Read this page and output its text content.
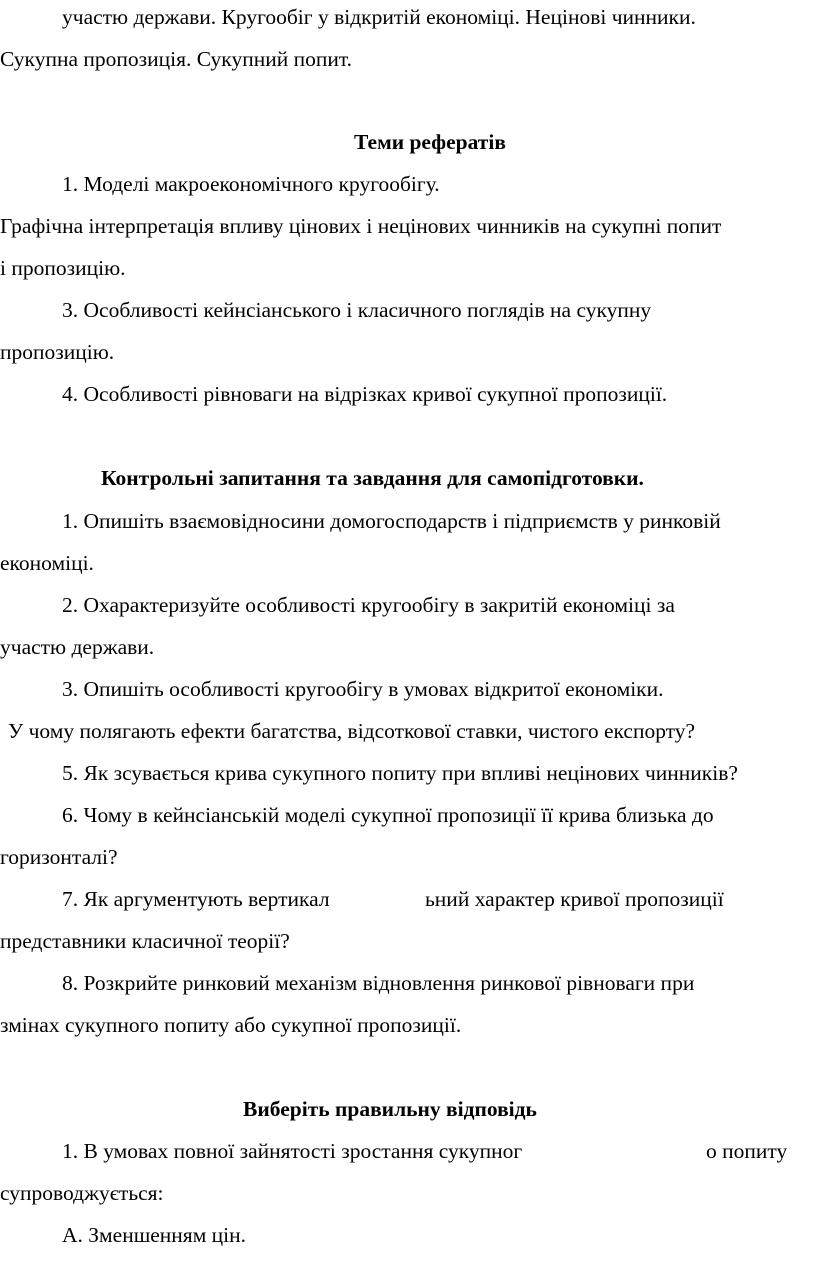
участю держави. Кругообіг у відкритій економіці. Нецінові чинники.
Сукупна пропозиція. Сукупний попит.
Теми рефератів
1. Моделі макроекономічного кругообігу.
Графічна інтерпретація впливу цінових і нецінових чинників на сукупні попит
і пропозицію.
3. Особливості кейнсіанського і класичного поглядів на сукупну
пропозицію.
4. Особливості рівноваги на відрізках кривої сукупної пропозиції.
Контрольні запитання та завдання для самопідготовки.
1. Опишіть взаємовідносини домогосподарств і підприємств у ринковій
економіці.
2. Охарактеризуйте особливості кругообігу в закритій економіці за
участю держави.
3. Опишіть особливості кругообігу в умовах відкритої економіки.
У чому полягають ефекти багатства, відсоткової ставки, чистого експорту?
5. Як зсувається крива сукупного попиту при впливі нецінових чинників?
6. Чому в кейнсіанській моделі сукупної пропозиції її крива близька до
горизонталі?
7. Як аргументують вертикал	ьний характер кривої пропозиції
представники класичної теорії?
8. Розкрийте ринковий механізм відновлення ринкової рівноваги при
змінах сукупного попиту або сукупної пропозиції.
Виберіть правильну відповідь
1. В умовах повної зайнятості зростання сукупног	о попиту
супроводжується:
А. Зменшенням цін.
